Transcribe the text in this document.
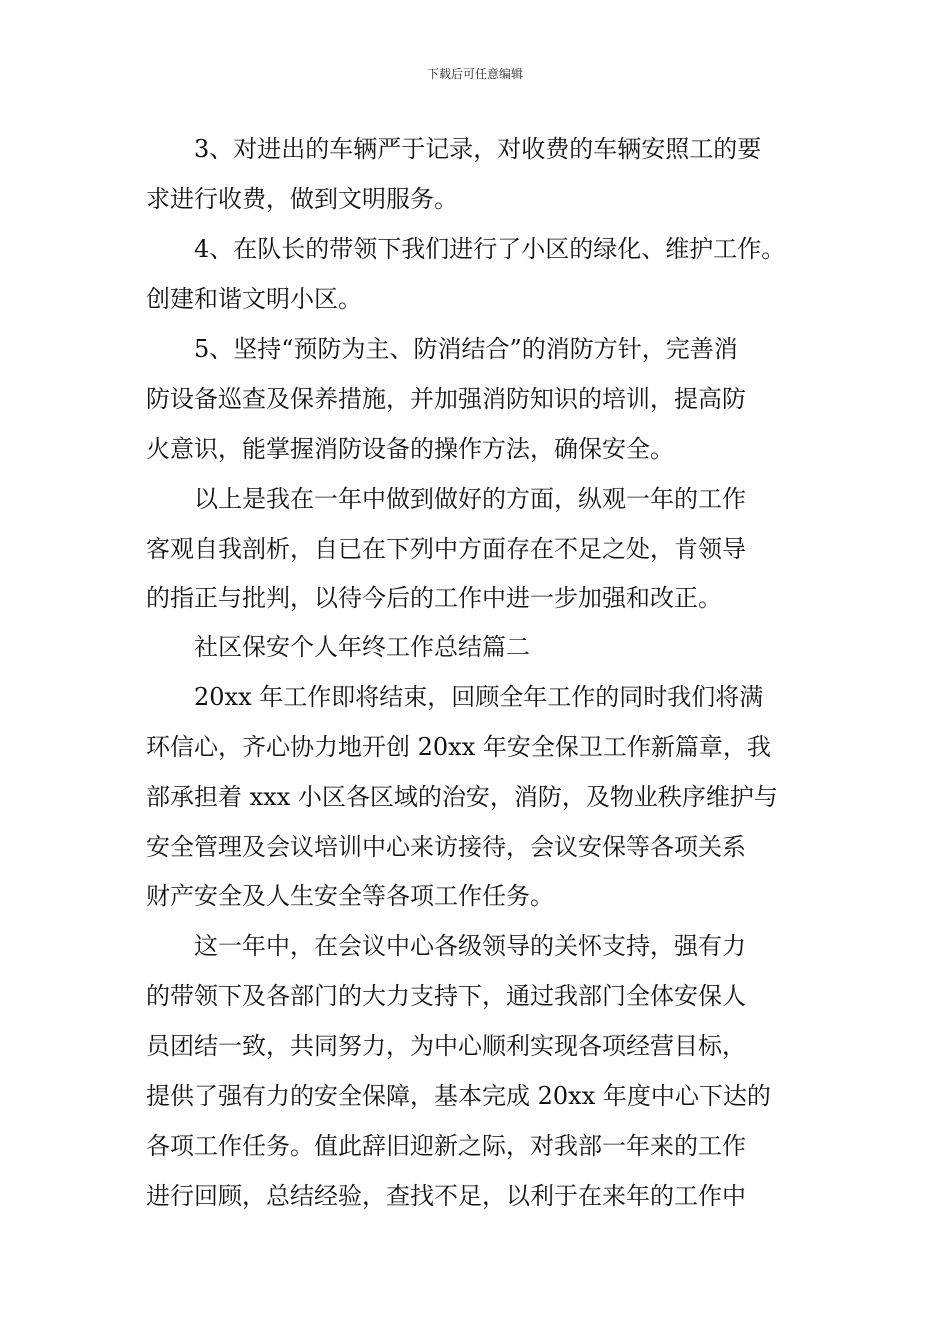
下载后可任意编辑
3、对进出的车辆严于记录，对收费的车辆安照工的要
求进行收费，做到文明服务。
4、在队长的带领下我们进行了小区的绿化、维护工作。
创建和谐文明小区。
5、坚持“预防为主、防消结合”的消防方针，完善消
防设备巡查及保养措施，并加强消防知识的培训，提高防
火意识，能掌握消防设备的操作方法，确保安全。
以上是我在一年中做到做好的方面，纵观一年的工作
客观自我剖析，自已在下列中方面存在不足之处，肯领导
的指正与批判，以待今后的工作中进一步加强和改正。
社区保安个人年终工作总结篇二
20xx 年工作即将结束，回顾全年工作的同时我们将满
环信心，齐心协力地开创 20xx 年安全保卫工作新篇章，我
部承担着 xxx 小区各区域的治安，消防，及物业秩序维护与
安全管理及会议培训中心来访接待，会议安保等各项关系
财产安全及人生安全等各项工作任务。
这一年中，在会议中心各级领导的关怀支持，强有力
的带领下及各部门的大力支持下，通过我部门全体安保人
员团结一致，共同努力，为中心顺利实现各项经营目标，
提供了强有力的安全保障，基本完成 20xx 年度中心下达的
各项工作任务。值此辞旧迎新之际，对我部一年来的工作
进行回顾，总结经验，查找不足，以利于在来年的工作中
